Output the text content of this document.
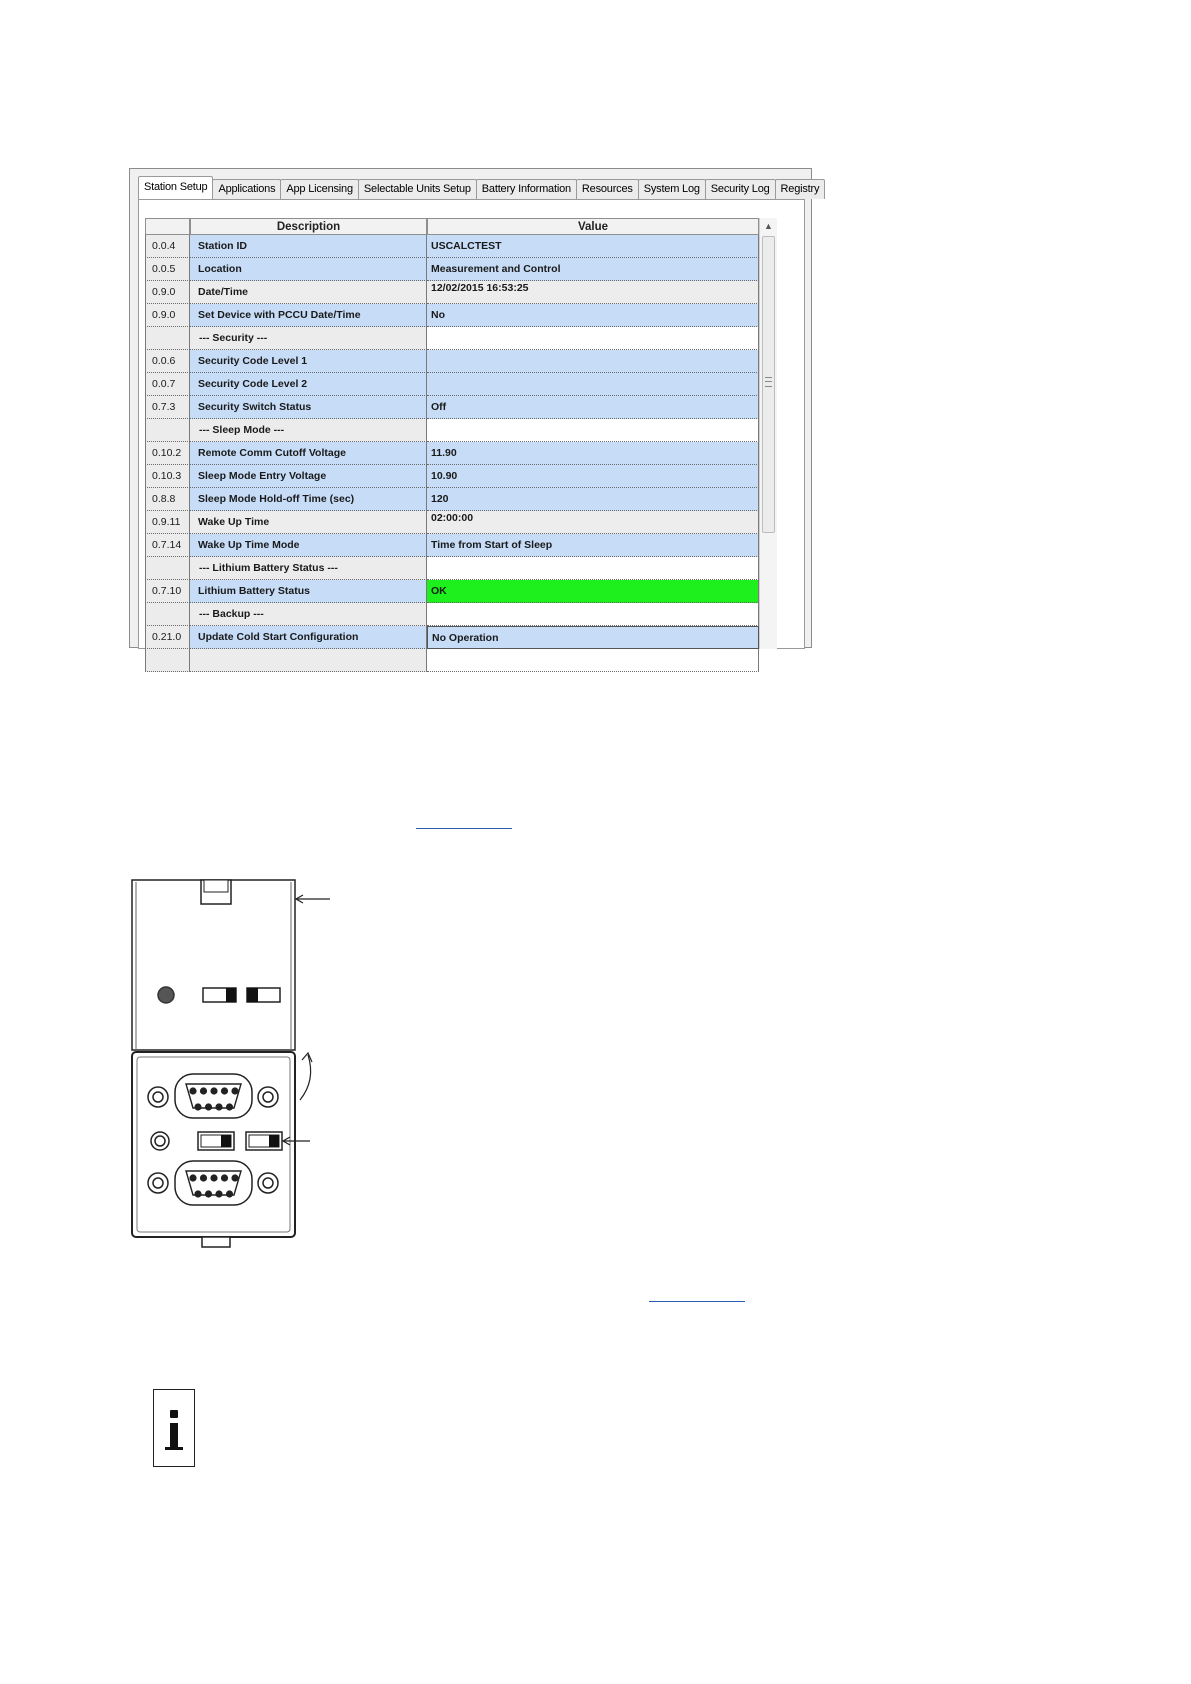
Station Setup	Applications	App Licensing	Selectable Units Setup	Battery Information	Resources	System Log	Security Log	Registry
Description	Value
0.0.4	Station ID	USCALCTEST
0.0.5	Location	Measurement and Control
0.9.0	Date/Time	12/02/2015 16:53:25
0.9.0	Set Device with PCCU Date/Time	No
--- Security ---
0.0.6	Security Code Level 1
0.0.7	Security Code Level 2
0.7.3	Security Switch Status	Off
--- Sleep Mode ---
0.10.2	Remote Comm Cutoff Voltage	11.90
0.10.3	Sleep Mode Entry Voltage	10.90
0.8.8	Sleep Mode Hold-off Time (sec)	120
0.9.11	Wake Up Time	02:00:00
0.7.14	Wake Up Time Mode	Time from Start of Sleep
--- Lithium Battery Status ---
0.7.10	Lithium Battery Status	OK
--- Backup ---
0.21.0	Update Cold Start Configuration	No Operation
▲
